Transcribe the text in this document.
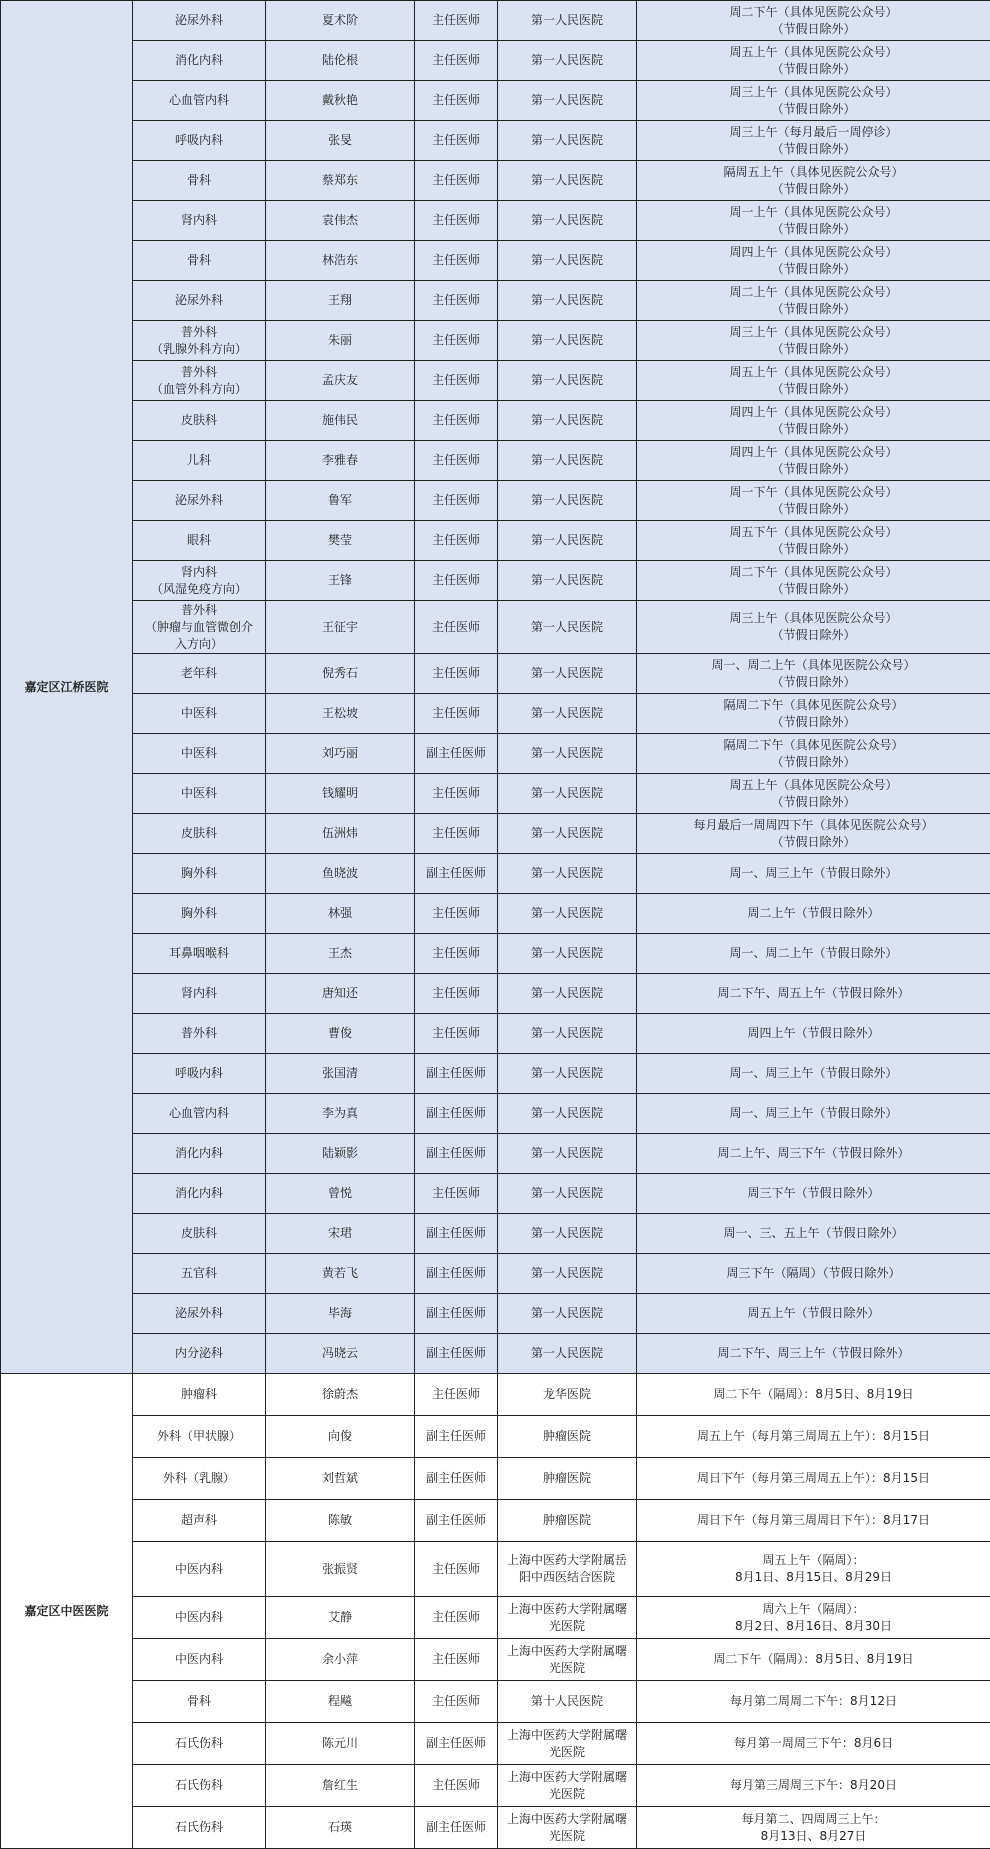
嘉定区江桥医院	泌尿外科	夏术阶	主任医师	第一人民医院	周二下午（具体见医院公众号）
（节假日除外）
	消化内科	陆伦根	主任医师	第一人民医院	周五上午（具体见医院公众号）
（节假日除外）
	心血管内科	戴秋艳	主任医师	第一人民医院	周三上午（具体见医院公众号）
（节假日除外）
	呼吸内科	张旻	主任医师	第一人民医院	周三上午（每月最后一周停诊）
（节假日除外）
	骨科	蔡郑东	主任医师	第一人民医院	隔周五上午（具体见医院公众号）
（节假日除外）
	肾内科	袁伟杰	主任医师	第一人民医院	周一上午（具体见医院公众号）
（节假日除外）
	骨科	林浩东	主任医师	第一人民医院	周四上午（具体见医院公众号）
（节假日除外）
	泌尿外科	王翔	主任医师	第一人民医院	周二上午（具体见医院公众号）
（节假日除外）
	普外科
（乳腺外科方向）	朱丽	主任医师	第一人民医院	周三上午（具体见医院公众号）
（节假日除外）
	普外科
（血管外科方向）	孟庆友	主任医师	第一人民医院	周五上午（具体见医院公众号）
（节假日除外）
	皮肤科	施伟民	主任医师	第一人民医院	周四上午（具体见医院公众号）
（节假日除外）
	儿科	李雅春	主任医师	第一人民医院	周四上午（具体见医院公众号）
（节假日除外）
	泌尿外科	鲁军	主任医师	第一人民医院	周一下午（具体见医院公众号）
（节假日除外）
	眼科	樊莹	主任医师	第一人民医院	周五下午（具体见医院公众号）
（节假日除外）
	肾内科
（风湿免疫方向）	王锋	主任医师	第一人民医院	周二下午（具体见医院公众号）
（节假日除外）
	普外科
（肿瘤与血管微创介
入方向）	王征宇	主任医师	第一人民医院	周三上午（具体见医院公众号）
（节假日除外）
	老年科	倪秀石	主任医师	第一人民医院	周一、周二上午（具体见医院公众号）
（节假日除外）
	中医科	王松坡	主任医师	第一人民医院	隔周二下午（具体见医院公众号）
（节假日除外）
	中医科	刘巧丽	副主任医师	第一人民医院	隔周二下午（具体见医院公众号）
（节假日除外）
	中医科	钱耀明	主任医师	第一人民医院	周五上午（具体见医院公众号）
（节假日除外）
	皮肤科	伍洲炜	主任医师	第一人民医院	每月最后一周周四下午（具体见医院公众号）
（节假日除外）
	胸外科	鱼晓波	副主任医师	第一人民医院	周一、周三上午（节假日除外）
	胸外科	林强	主任医师	第一人民医院	周二上午（节假日除外）
	耳鼻咽喉科	王杰	主任医师	第一人民医院	周一、周二上午（节假日除外）
	肾内科	唐知还	主任医师	第一人民医院	周二下午、周五上午（节假日除外）
	普外科	曹俊	主任医师	第一人民医院	周四上午（节假日除外）
	呼吸内科	张国清	副主任医师	第一人民医院	周一、周三上午（节假日除外）
	心血管内科	李为真	副主任医师	第一人民医院	周一、周三上午（节假日除外）
	消化内科	陆颖影	副主任医师	第一人民医院	周二上午、周三下午（节假日除外）
	消化内科	曾悦	主任医师	第一人民医院	周三下午（节假日除外）
	皮肤科	宋珺	副主任医师	第一人民医院	周一、三、五上午（节假日除外）
	五官科	黄若飞	副主任医师	第一人民医院	周三下午（隔周）（节假日除外）
	泌尿外科	毕海	副主任医师	第一人民医院	周五上午（节假日除外）
	内分泌科	冯晓云	副主任医师	第一人民医院	周二下午、周三上午（节假日除外）
嘉定区中医医院	肿瘤科	徐蔚杰	主任医师	龙华医院	周二下午（隔周）：8月5日、8月19日
	外科（甲状腺）	向俊	副主任医师	肿瘤医院	周五上午（每月第三周周五上午）：8月15日
	外科（乳腺）	刘哲斌	副主任医师	肿瘤医院	周日下午（每月第三周周五上午）：8月15日
	超声科	陈敏	副主任医师	肿瘤医院	周日下午（每月第三周周日下午）：8月17日
	中医内科	张振贤	主任医师	上海中医药大学附属岳
阳中西医结合医院	周五上午（隔周）：
8月1日、8月15日、8月29日
	中医内科	艾静	主任医师	上海中医药大学附属曙
光医院	周六上午（隔周）：
8月2日、8月16日、8月30日
	中医内科	余小萍	主任医师	上海中医药大学附属曙
光医院	周二下午（隔周）：8月5日、8月19日
	骨科	程飚	主任医师	第十人民医院	每月第二周周二下午：8月12日
	石氏伤科	陈元川	副主任医师	上海中医药大学附属曙
光医院	每月第一周周三下午：8月6日
	石氏伤科	詹红生	主任医师	上海中医药大学附属曙
光医院	每月第三周周三下午：8月20日
	石氏伤科	石瑛	副主任医师	上海中医药大学附属曙
光医院	每月第二、四周周三上午：
8月13日、8月27日
